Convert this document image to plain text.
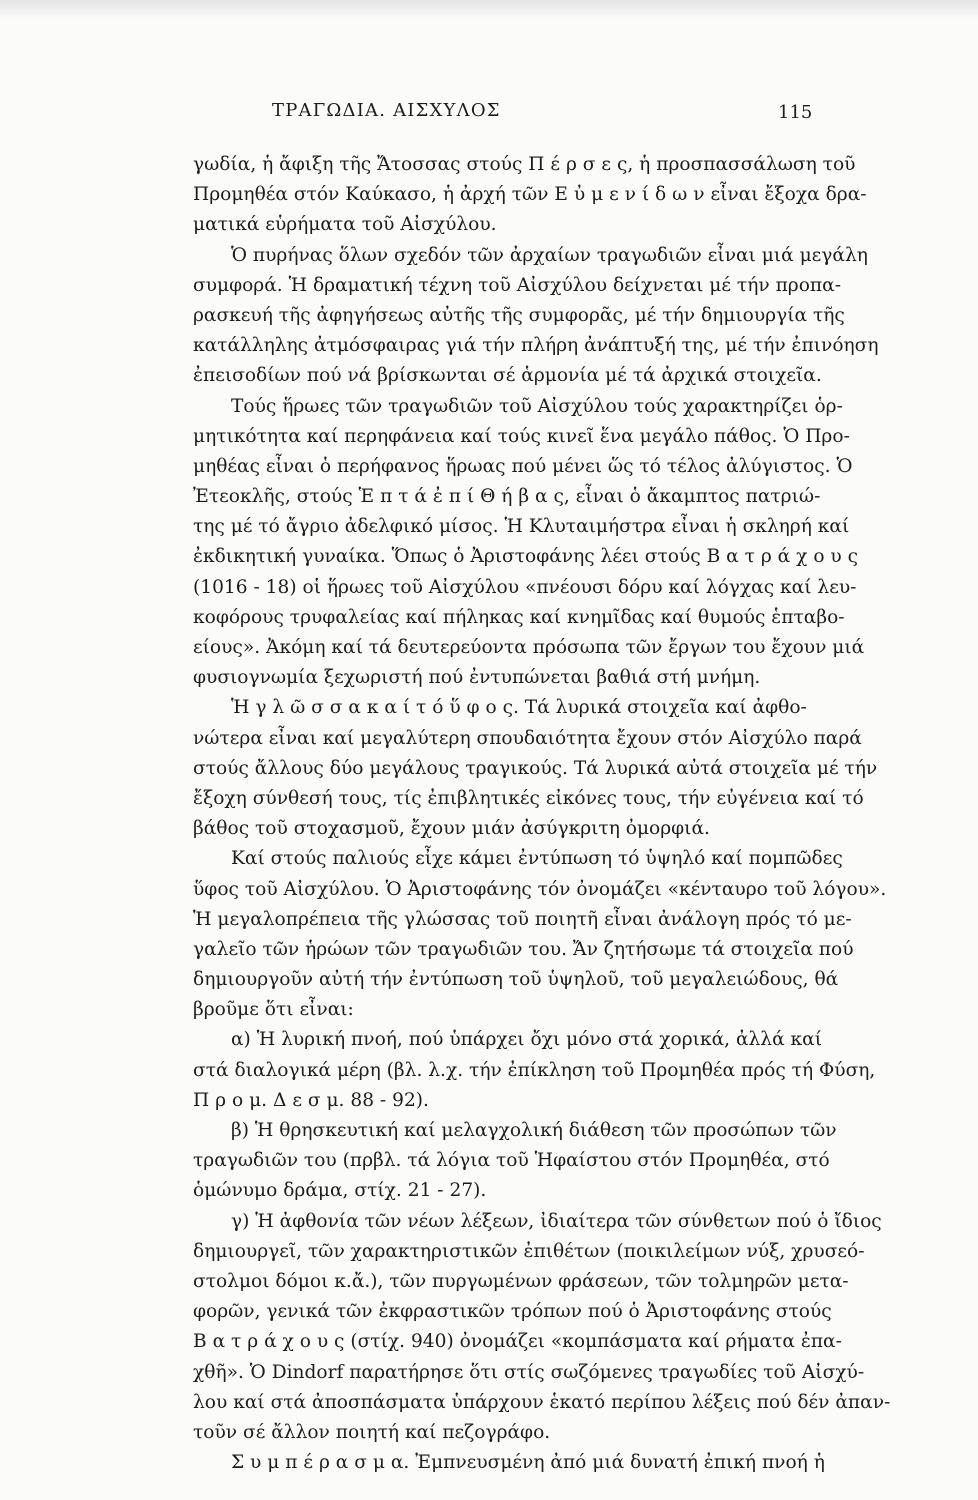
ΤΡΑΓΩΔΙΑ. ΑΙΣΧΥΛΟΣ	115
γωδία, ἡ ἄφιξη τῆς Ἄτοσσας στούς Π έ ρ σ ε ς, ἡ προσπασσάλωση τοῦ
Προμηθέα στόν Καύκασο, ἡ ἀρχή τῶν Ε ὐ μ ε ν ί δ ω ν εἶναι ἔξοχα δρα-
ματικά εὑρήματα τοῦ Αἰσχύλου.
Ὁ πυρήνας ὅλων σχεδόν τῶν ἀρχαίων τραγωδιῶν εἶναι μιά μεγάλη
συμφορά. Ἡ δραματική τέχνη τοῦ Αἰσχύλου δείχνεται μέ τήν προπα-
ρασκευή τῆς ἀφηγήσεως αὐτῆς τῆς συμφορᾶς, μέ τήν δημιουργία τῆς
κατάλληλης ἀτμόσφαιρας γιά τήν πλήρη ἀνάπτυξή της, μέ τήν ἐπινόηση
ἐπεισοδίων πού νά βρίσκωνται σέ ἁρμονία μέ τά ἀρχικά στοιχεῖα.
Τούς ἥρωες τῶν τραγωδιῶν τοῦ Αἰσχύλου τούς χαρακτηρίζει ὁρ-
μητικότητα καί περηφάνεια καί τούς κινεῖ ἕνα μεγάλο πάθος. Ὁ Προ-
μηθέας εἶναι ὁ περήφανος ἥρωας πού μένει ὥς τό τέλος ἀλύγιστος. Ὁ
Ἐτεοκλῆς, στούς Ἑ π τ ά ἐ π ί Θ ή β α ς, εἶναι ὁ ἄκαμπτος πατριώ-
της μέ τό ἄγριο ἀδελφικό μίσος. Ἡ Κλυταιμήστρα εἶναι ἡ σκληρή καί
ἐκδικητική γυναίκα. Ὅπως ὁ Ἀριστοφάνης λέει στούς Β α τ ρ ά χ ο υ ς
(1016 - 18) οἱ ἥρωες τοῦ Αἰσχύλου «πνέουσι δόρυ καί λόγχας καί λευ-
κοφόρους τρυφαλείας καί πήληκας καί κνημῖδας καί θυμούς ἑπταβο-
είους». Ἀκόμη καί τά δευτερεύοντα πρόσωπα τῶν ἔργων του ἔχουν μιά
φυσιογνωμία ξεχωριστή πού ἐντυπώνεται βαθιά στή μνήμη.
Ἡ γ λ ῶ σ σ α κ α ί τ ό ὕ φ ο ς. Τά λυρικά στοιχεῖα καί ἀφθο-
νώτερα εἶναι καί μεγαλύτερη σπουδαιότητα ἔχουν στόν Αἰσχύλο παρά
στούς ἄλλους δύο μεγάλους τραγικούς. Τά λυρικά αὐτά στοιχεῖα μέ τήν
ἔξοχη σύνθεσή τους, τίς ἐπιβλητικές εἰκόνες τους, τήν εὐγένεια καί τό
βάθος τοῦ στοχασμοῦ, ἔχουν μιάν ἀσύγκριτη ὀμορφιά.
Καί στούς παλιούς εἶχε κάμει ἐντύπωση τό ὑψηλό καί πομπῶδες
ὕφος τοῦ Αἰσχύλου. Ὁ Ἀριστοφάνης τόν ὀνομάζει «κένταυρο τοῦ λόγου».
Ἡ μεγαλοπρέπεια τῆς γλώσσας τοῦ ποιητῆ εἶναι ἀνάλογη πρός τό με-
γαλεῖο τῶν ἡρώων τῶν τραγωδιῶν του. Ἄν ζητήσωμε τά στοιχεῖα πού
δημιουργοῦν αὐτή τήν ἐντύπωση τοῦ ὑψηλοῦ, τοῦ μεγαλειώδους, θά
βροῦμε ὅτι εἶναι:
α) Ἡ λυρική πνοή, πού ὑπάρχει ὄχι μόνο στά χορικά, ἀλλά καί
στά διαλογικά μέρη (βλ. λ.χ. τήν ἐπίκληση τοῦ Προμηθέα πρός τή Φύση,
Π ρ ο μ. Δ ε σ μ. 88 - 92).
β) Ἡ θρησκευτική καί μελαγχολική διάθεση τῶν προσώπων τῶν
τραγωδιῶν του (πρβλ. τά λόγια τοῦ Ἡφαίστου στόν Προμηθέα, στό
ὁμώνυμο δράμα, στίχ. 21 - 27).
γ) Ἡ ἀφθονία τῶν νέων λέξεων, ἰδιαίτερα τῶν σύνθετων πού ὁ ἴδιος
δημιουργεῖ, τῶν χαρακτηριστικῶν ἐπιθέτων (ποικιλείμων νύξ, χρυσεό-
στολμοι δόμοι κ.ἄ.), τῶν πυργωμένων φράσεων, τῶν τολμηρῶν μετα-
φορῶν, γενικά τῶν ἐκφραστικῶν τρόπων πού ὁ Ἀριστοφάνης στούς
Β α τ ρ ά χ ο υ ς (στίχ. 940) ὀνομάζει «κομπάσματα καί ρήματα ἐπα-
χθῆ». Ὁ Dindorf παρατήρησε ὅτι στίς σωζόμενες τραγωδίες τοῦ Αἰσχύ-
λου καί στά ἀποσπάσματα ὑπάρχουν ἑκατό περίπου λέξεις πού δέν ἀπαν-
τοῦν σέ ἄλλον ποιητή καί πεζογράφο.
Σ υ μ π έ ρ α σ μ α. Ἐμπνευσμένη ἀπό μιά δυνατή ἐπική πνοή ἡ
